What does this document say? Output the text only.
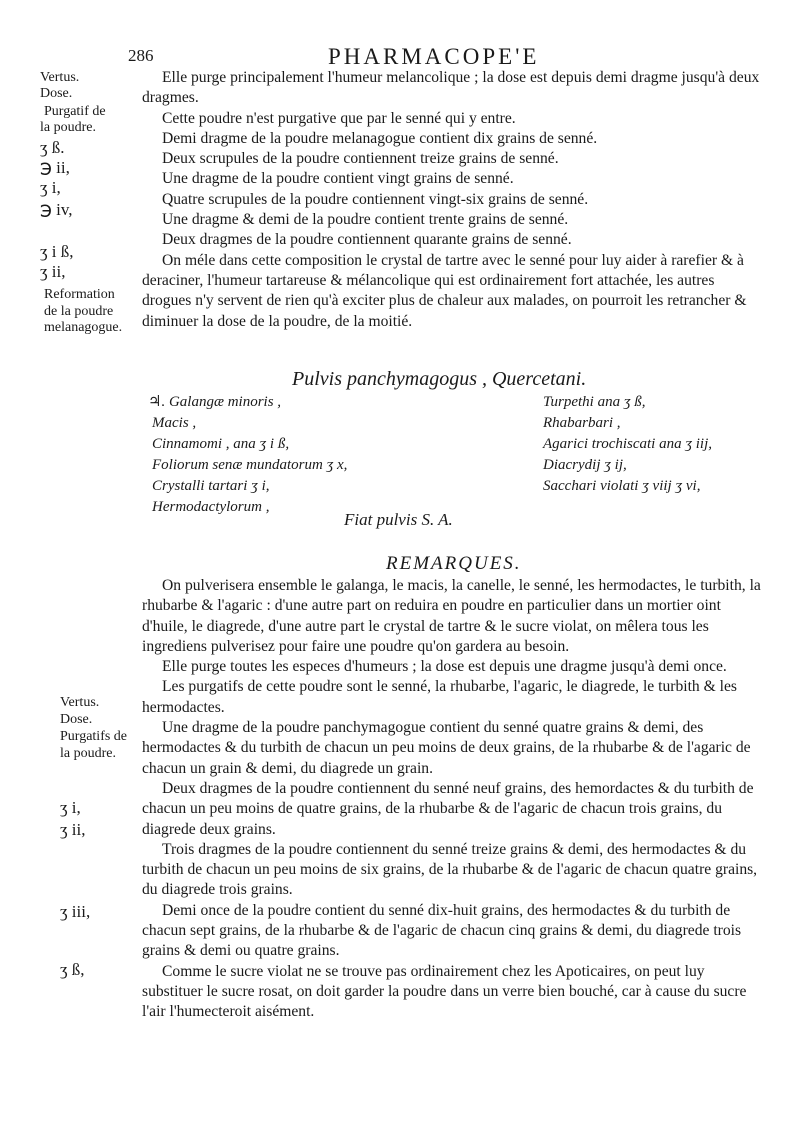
286	PHARMACOPE'E
Vertus.
Dose.
Purgatif de
la poudre.
ʒ ß.
℈ ii,
ʒ i,
℈ iv,
ʒ i ß,
ʒ ii,
Reformation
de la poudre
melanagogue.
Vertus.
Dose.
Purgatifs de
la poudre.
ʒ i,
ʒ ii,
ʒ iii,
ʒ ß,

Elle purge principalement l'humeur melancolique ; la dose est depuis demi dragme jusqu'à deux dragmes.

Cette poudre n'est purgative que par le senné qui y entre.

Demi dragme de la poudre melanagogue contient dix grains de senné.

Deux scrupules de la poudre contiennent treize grains de senné.

Une dragme de la poudre contient vingt grains de senné.

Quatre scrupules de la poudre contiennent vingt-six grains de senné.

Une dragme & demi de la poudre contient trente grains de senné.

Deux dragmes de la poudre contiennent quarante grains de senné.

On méle dans cette composition le crystal de tartre avec le senné pour luy aider à rarefier & à deraciner, l'humeur tartareuse & mélancolique qui est ordinairement fort attachée, les autres drogues n'y servent de rien qu'à exciter plus de chaleur aux malades, on pourroit les retrancher & diminuer la dose de la poudre, de la moitié.

Pulvis panchymagogus , Quercetani.
♃. Galangæ minoris ,
Macis ,
Cinnamomi , ana ʒ i ß,
Foliorum senæ mundatorum ʒ x,
Crystalli tartari ʒ i,
Hermodactylorum ,
Turpethi ana ʒ ß,
Rhabarbari ,
Agarici trochiscati ana ʒ iij,
Diacrydij ʒ ij,
Sacchari violati ʒ viij ʒ vi,
Fiat pulvis S. A.
REMARQUES.

On pulverisera ensemble le galanga, le macis, la canelle, le senné, les hermodactes, le turbith, la rhubarbe & l'agaric : d'une autre part on reduira en poudre en particulier dans un mortier oint d'huile, le diagrede, d'une autre part le crystal de tartre & le sucre violat, on mêlera tous les ingrediens pulverisez pour faire une poudre qu'on gardera au besoin.

Elle purge toutes les especes d'humeurs ; la dose est depuis une dragme jusqu'à demi once.

Les purgatifs de cette poudre sont le senné, la rhubarbe, l'agaric, le diagrede, le turbith & les hermodactes.

Une dragme de la poudre panchymagogue contient du senné quatre grains & demi, des hermodactes & du turbith de chacun un peu moins de deux grains, de la rhubarbe & de l'agaric de chacun un grain & demi, du diagrede un grain.

Deux dragmes de la poudre contiennent du senné neuf grains, des hemordactes & du turbith de chacun un peu moins de quatre grains, de la rhubarbe & de l'agaric de chacun trois grains, du diagrede deux grains.

Trois dragmes de la poudre contiennent du senné treize grains & demi, des hermodactes & du turbith de chacun un peu moins de six grains, de la rhubarbe & de l'agaric de chacun quatre grains, du diagrede trois grains.

Demi once de la poudre contient du senné dix-huit grains, des hermodactes & du turbith de chacun sept grains, de la rhubarbe & de l'agaric de chacun cinq grains & demi, du diagrede trois grains & demi ou quatre grains.

Comme le sucre violat ne se trouve pas ordinairement chez les Apoticaires, on peut luy substituer le sucre rosat, on doit garder la poudre dans un verre bien bouché, car à cause du sucre l'air l'humecteroit aisément.
